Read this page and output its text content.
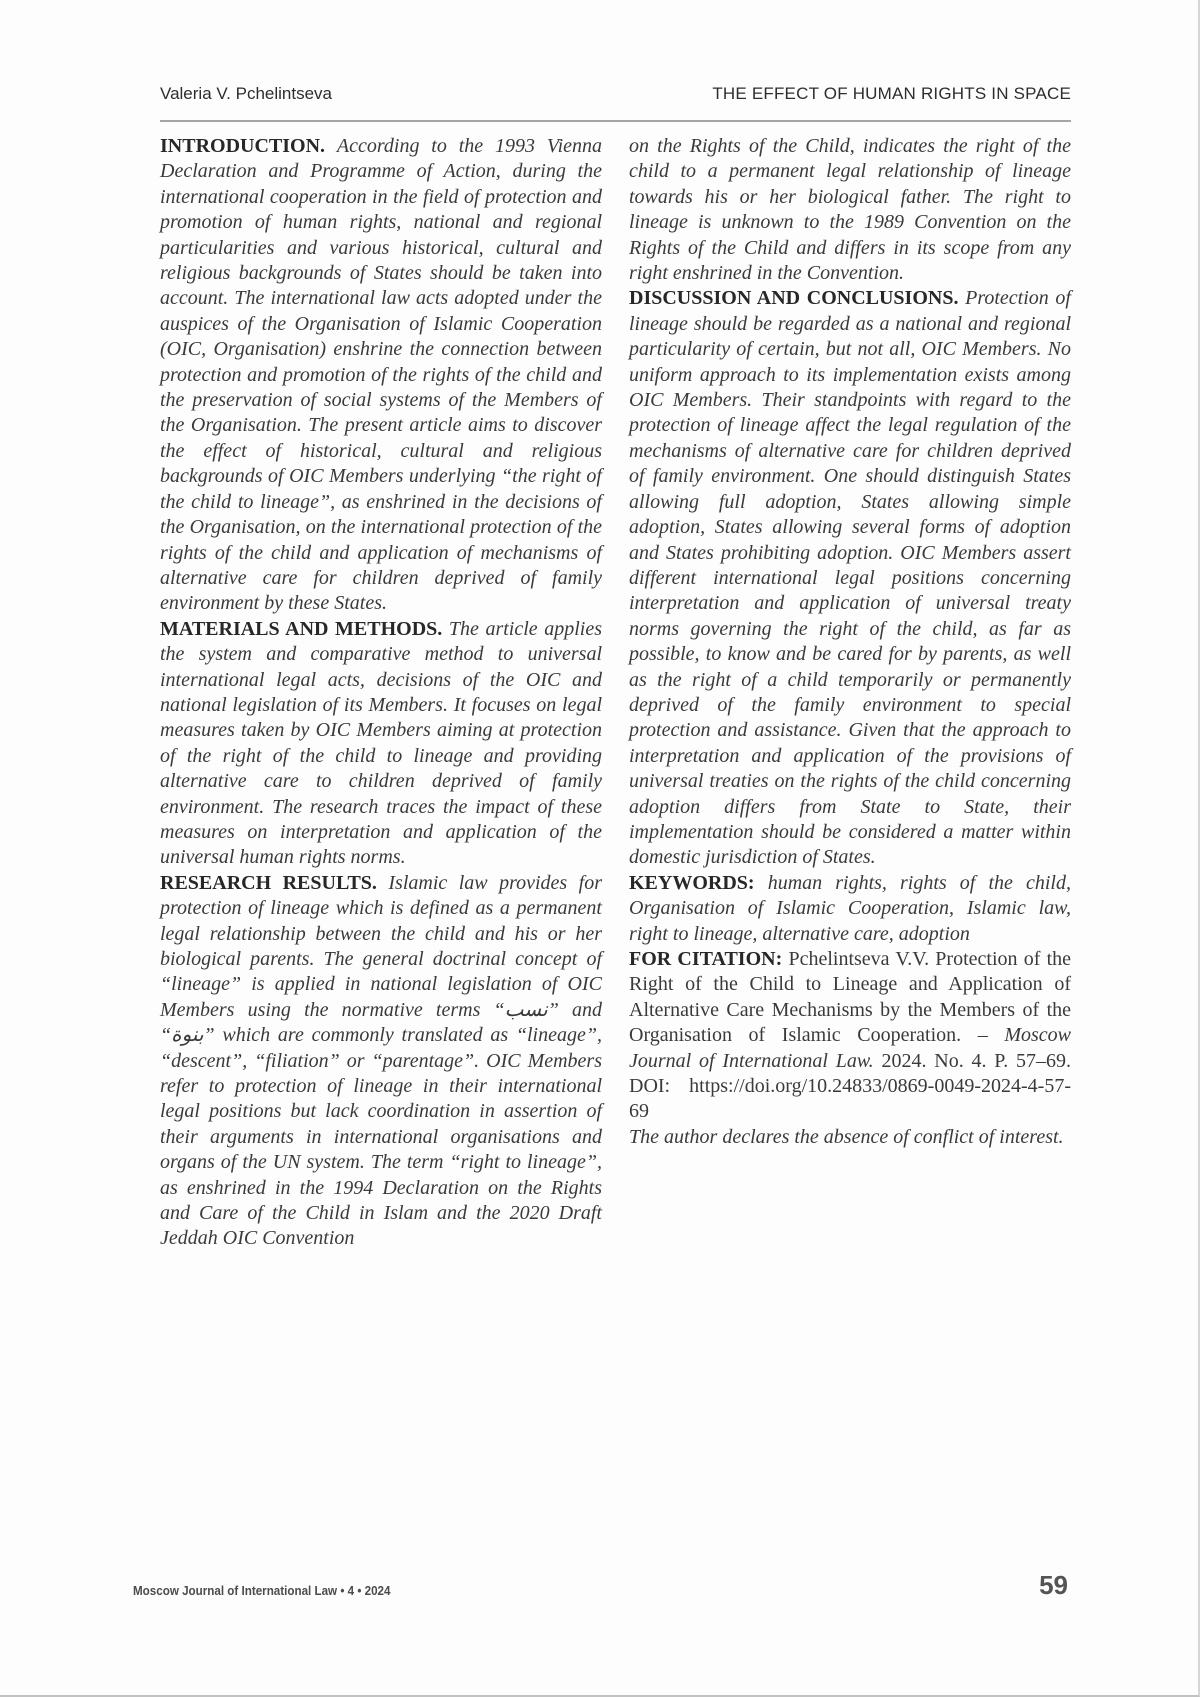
Valeria V. Pchelintseva	THE EFFECT OF HUMAN RIGHTS IN SPACE

INTRODUCTION. According to the 1993 Vienna Declaration and Programme of Action, during the international cooperation in the field of protection and promotion of human rights, national and regional particularities and various historical, cultural and religious backgrounds of States should be taken into account. The international law acts adopted under the auspices of the Organisation of Islamic Cooperation (OIC, Organisation) enshrine the connection between protection and promotion of the rights of the child and the preservation of social systems of the Members of the Organisation. The present article aims to discover the effect of historical, cultural and religious backgrounds of OIC Members underlying “the right of the child to lineage”, as enshrined in the decisions of the Organisation, on the international protection of the rights of the child and application of mechanisms of alternative care for children deprived of family environment by these States.

MATERIALS AND METHODS. The article applies the system and comparative method to universal international legal acts, decisions of the OIC and national legislation of its Members. It focuses on legal measures taken by OIC Members aiming at protection of the right of the child to lineage and providing alternative care to children deprived of family environment. The research traces the impact of these measures on interpretation and application of the universal human rights norms.

RESEARCH RESULTS. Islamic law provides for protection of lineage which is defined as a permanent legal relationship between the child and his or her biological parents. The general doctrinal concept of “lineage” is applied in national legislation of OIC Members using the normative terms “نسب” and “بنوة” which are commonly translated as “lineage”, “descent”, “filiation” or “parentage”. OIC Members refer to protection of lineage in their international legal positions but lack coordination in assertion of their arguments in international organisations and organs of the UN system. The term “right to lineage”, as enshrined in the 1994 Declaration on the Rights and Care of the Child in Islam and the 2020 Draft Jeddah OIC Convention

on the Rights of the Child, indicates the right of the child to a permanent legal relationship of lineage towards his or her biological father. The right to lineage is unknown to the 1989 Convention on the Rights of the Child and differs in its scope from any right enshrined in the Convention.

DISCUSSION AND CONCLUSIONS. Protection of lineage should be regarded as a national and regional particularity of certain, but not all, OIC Members. No uniform approach to its implementation exists among OIC Members. Their standpoints with regard to the protection of lineage affect the legal regulation of the mechanisms of alternative care for children deprived of family environment. One should distinguish States allowing full adoption, States allowing simple adoption, States allowing several forms of adoption and States prohibiting adoption. OIC Members assert different international legal positions concerning interpretation and application of universal treaty norms governing the right of the child, as far as possible, to know and be cared for by parents, as well as the right of a child temporarily or permanently deprived of the family environment to special protection and assistance. Given that the approach to interpretation and application of the provisions of universal treaties on the rights of the child concerning adoption differs from State to State, their implementation should be considered a matter within domestic jurisdiction of States.

KEYWORDS: human rights, rights of the child, Organisation of Islamic Cooperation, Islamic law, right to lineage, alternative care, adoption

FOR CITATION: Pchelintseva V.V. Protection of the Right of the Child to Lineage and Application of Alternative Care Mechanisms by the Members of the Organisation of Islamic Cooperation. – Moscow Journal of International Law. 2024. No. 4. P. 57–69. DOI: https://doi.org/10.24833/0869-0049-2024-4-57-69

The author declares the absence of conflict of interest.

Moscow Journal of International Law • 4 • 2024	59
